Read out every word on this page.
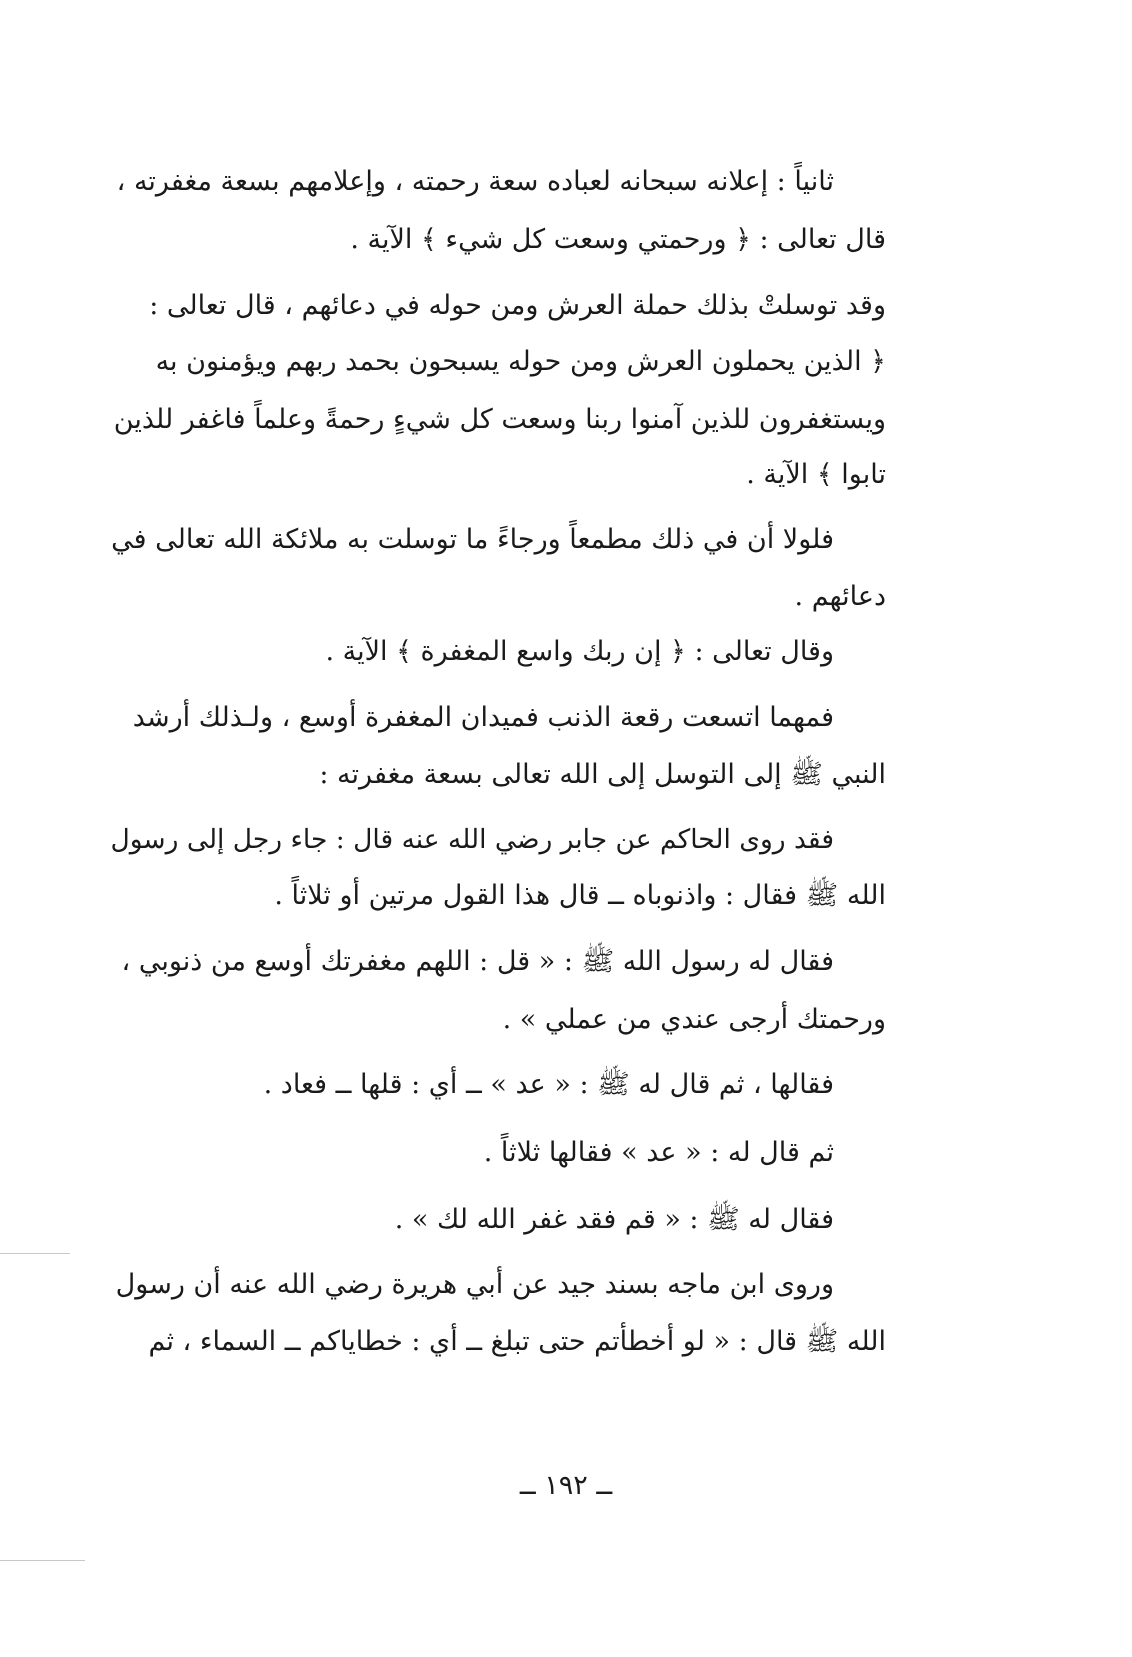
ثانياً : إعلانه سبحانه لعباده سعة رحمته ، وإعلامهم بسعة مغفرته ،
قال تعالى : ﴿ ورحمتي وسعت كل شيء ﴾ الآية .
وقد توسلتْ بذلك حملة العرش ومن حوله في دعائهم ، قال تعالى :
﴿ الذين يحملون العرش ومن حوله يسبحون بحمد ربهم ويؤمنون به
ويستغفرون للذين آمنوا ربنا وسعت كل شيءٍ رحمةً وعلماً فاغفر للذين
تابوا ﴾ الآية .
فلولا أن في ذلك مطمعاً ورجاءً ما توسلت به ملائكة الله تعالى في
دعائهم .
وقال تعالى : ﴿ إن ربك واسع المغفرة ﴾ الآية .
فمهما اتسعت رقعة الذنب فميدان المغفرة أوسع ، ولـذلك أرشد
النبي ﷺ إلى التوسل إلى الله تعالى بسعة مغفرته :
فقد روى الحاكم عن جابر رضي الله عنه قال : جاء رجل إلى رسول
الله ﷺ فقال : واذنوباه ــ قال هذا القول مرتين أو ثلاثاً .
فقال له رسول الله ﷺ : « قل : اللهم مغفرتك أوسع من ذنوبي ،
ورحمتك أرجى عندي من عملي » .
فقالها ، ثم قال له ﷺ : « عد » ــ أي : قلها ــ فعاد .
ثم قال له : « عد » فقالها ثلاثاً .
فقال له ﷺ : « قم فقد غفر الله لك » .
وروى ابن ماجه بسند جيد عن أبي هريرة رضي الله عنه أن رسول
الله ﷺ قال : « لو أخطأتم حتى تبلغ ــ أي : خطاياكم ــ السماء ، ثم
ــ ١٩٢ ــ
